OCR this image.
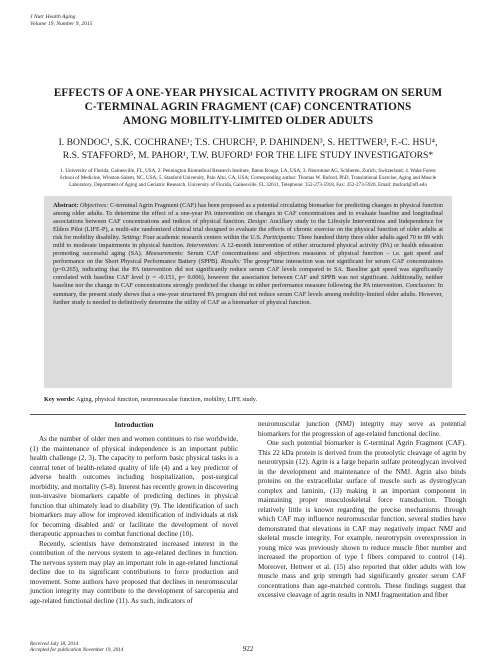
J Nutr Health Aging
Volume 19, Number 9, 2015
EFFECTS OF A ONE-YEAR PHYSICAL ACTIVITY PROGRAM ON SERUM
C-TERMINAL AGRIN FRAGMENT (CAF) CONCENTRATIONS
AMONG MOBILITY-LIMITED OLDER ADULTS
I. BONDOC¹, S.K. COCHRANE¹; T.S. CHURCH², P. DAHINDEN³, S. HETTWER³, F.-C. HSU⁴,
R.S. STAFFORD⁵, M. PAHOR¹, T.W. BUFORD¹ FOR THE LIFE STUDY INVESTIGATORS*
1. University of Florida, Gainesville, FL, USA, 2. Pennington Biomedical Research Institute, Baton Rouge, LA, USA; 3. Neurotune AG, Schlieren, Zurich, Switzerland; 4. Wake Forest
School of Medicine, Winston-Salem, NC, USA; 5. Stanford University, Palo Alto, CA, USA; Corresponding author: Thomas W. Buford, PhD, Translational Exercise, Aging and Muscle
Laboratory, Department of Aging and Geriatric Research, University of Florida, Gainesville, FL 32611, Telephone: 352-273-5918, Fax: 352-273-5920, Email: tbuford@ufl.edu
Abstract: Objectives: C-terminal Agrin Fragment (CAF) has been proposed as a potential circulating biomarker for predicting changes in physical function among older adults. To determine the effect of a one-year PA intervention on changes in CAF concentrations and to evaluate baseline and longitudinal associations between CAF concentrations and indices of physical function. Design: Ancillary study to the Lifestyle Interventions and Independence for Elders Pilot (LIFE-P), a multi-site randomized clinical trial designed to evaluate the effects of chronic exercise on the physical function of older adults at risk for mobility disability. Setting: Four academic research centers within the U.S. Participants: Three hundred thirty three older adults aged 70 to 89 with mild to moderate impairments in physical function. Intervention: A 12-month intervention of either structured physical activity (PA) or health education promoting successful aging (SA). Measurements: Serum CAF concentrations and objectives measures of physical function – i.e. gait speed and performance on the Short Physical Performance Battery (SPPB). Results: The group*time interaction was not significant for serum CAF concentrations (p=0.265), indicating that the PA intervention did not significantly reduce serum CAF levels compared to SA. Baseline gait speed was significantly correlated with baseline CAF level (r = -0.151, p= 0.006), however the association between CAF and SPPB was not significant. Additionally, neither baseline nor the change in CAF concentrations strongly predicted the change in either performance measure following the PA intervention. Conclusion: In summary, the present study shows that a one-year structured PA program did not reduce serum CAF levels among mobility-limited older adults. However, further study is needed to definitively determine the utility of CAF as a biomarker of physical function.
Key words: Aging, physical function, neuromuscular function, mobility, LIFE study.
Introduction

As the number of older men and women continues to rise worldwide, (1) the maintenance of physical independence is an important public health challenge (2, 3). The capacity to perform basic physical tasks is a central tenet of health-related quality of life (4) and a key predictor of adverse health outcomes including hospitalization, post-surgical morbidity, and mortality (5-8). Interest has recently grown in discovering non-invasive biomarkers capable of predicting declines in physical function that ultimately lead to disability (9). The identification of such biomarkers may allow for improved identification of individuals at risk for becoming disabled and/ or facilitate the development of novel therapeutic approaches to combat functional decline (10).

Recently, scientists have demonstrated increased interest in the contribution of the nervous system to age-related declines in function. The nervous system may play an important role in age-related functional decline due to its significant contributions to force production and movement. Some authors have proposed that declines in neuromuscular junction integrity may contribute to the development of sarcopenia and age-related functional decline (11). As such, indicators of

neuromuscular junction (NMJ) integrity may serve as potential biomarkers for the progression of age-related functional decline.

One such potential biomarker is C-terminal Agrin Fragment (CAF). This 22 kDa protein is derived from the proteolytic cleavage of agrin by neurotrypsin (12). Agrin is a large heparin sulfate proteoglycan involved in the development and maintenance of the NMJ. Agrin also binds proteins on the extracellular surface of muscle such as dystroglycan complex and laminin, (13) making it an important component in maintaining proper musculoskeletal force transduction. Though relatively little is known regarding the precise mechanisms through which CAF may influence neuromuscular function, several studies have demonstrated that elevations in CAF may negatively impact NMJ and skeletal muscle integrity. For example, neurotrypsin overexpression in young mice was previously shown to reduce muscle fiber number and increased the proportion of type I fibers compared to control (14). Moreover, Hettwer et al. (15) also reported that older adults with low muscle mass and grip strength had significantly greater serum CAF concentrations than age-matched controls. These findings suggest that excessive cleavage of agrin results in NMJ fragmentation and fiber

Received July 18, 2014
Accepted for publication November 19, 2014	922
